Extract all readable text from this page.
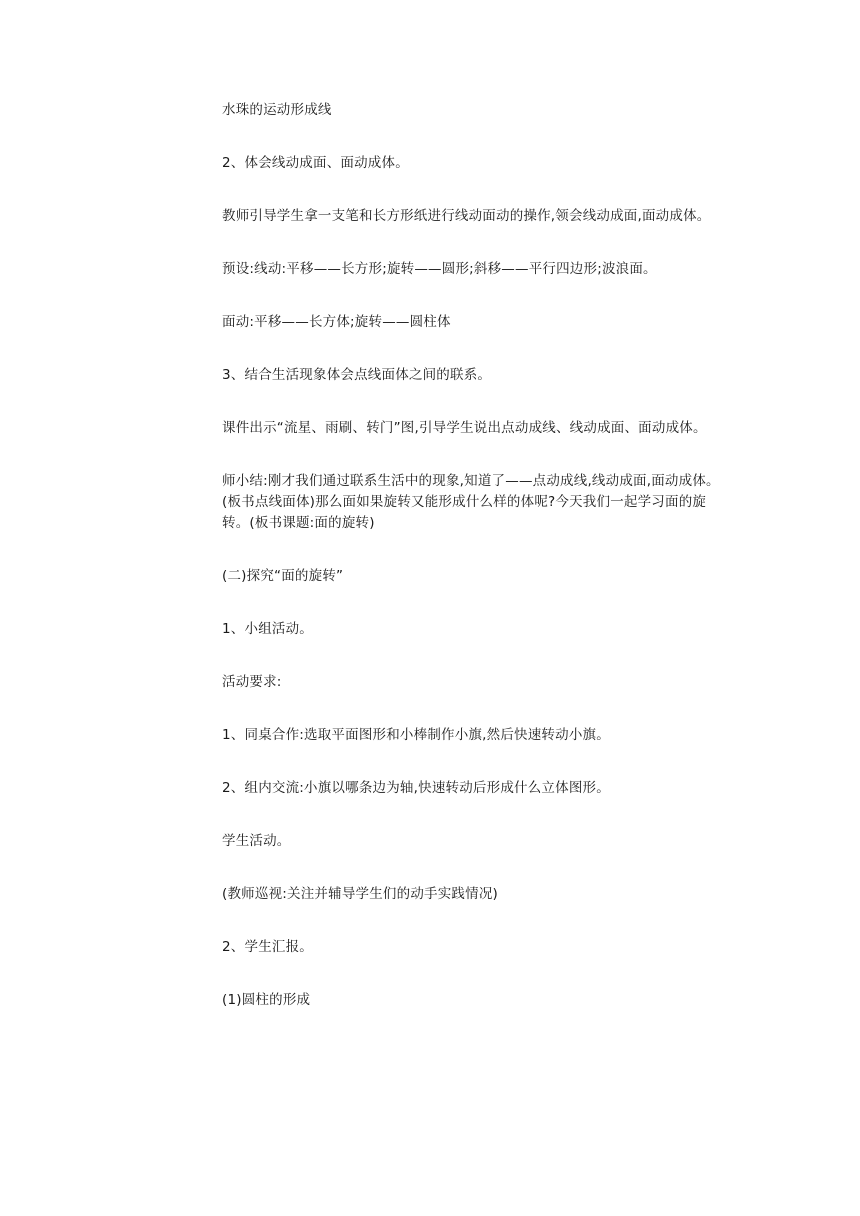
水珠的运动形成线

2、体会线动成面、面动成体。

教师引导学生拿一支笔和长方形纸进行线动面动的操作,领会线动成面,面动成体。

预设:线动:平移——长方形;旋转——圆形;斜移——平行四边形;波浪面。

面动:平移——长方体;旋转——圆柱体

3、结合生活现象体会点线面体之间的联系。

课件出示“流星、雨刷、转门”图,引导学生说出点动成线、线动成面、面动成体。

师小结:刚才我们通过联系生活中的现象,知道了——点动成线,线动成面,面动成体。(板书点线面体)那么面如果旋转又能形成什么样的体呢?今天我们一起学习面的旋转。(板书课题:面的旋转)

(二)探究“面的旋转”

1、小组活动。

活动要求:

1、同桌合作:选取平面图形和小棒制作小旗,然后快速转动小旗。

2、组内交流:小旗以哪条边为轴,快速转动后形成什么立体图形。

学生活动。

(教师巡视:关注并辅导学生们的动手实践情况)

2、学生汇报。

(1)圆柱的形成
